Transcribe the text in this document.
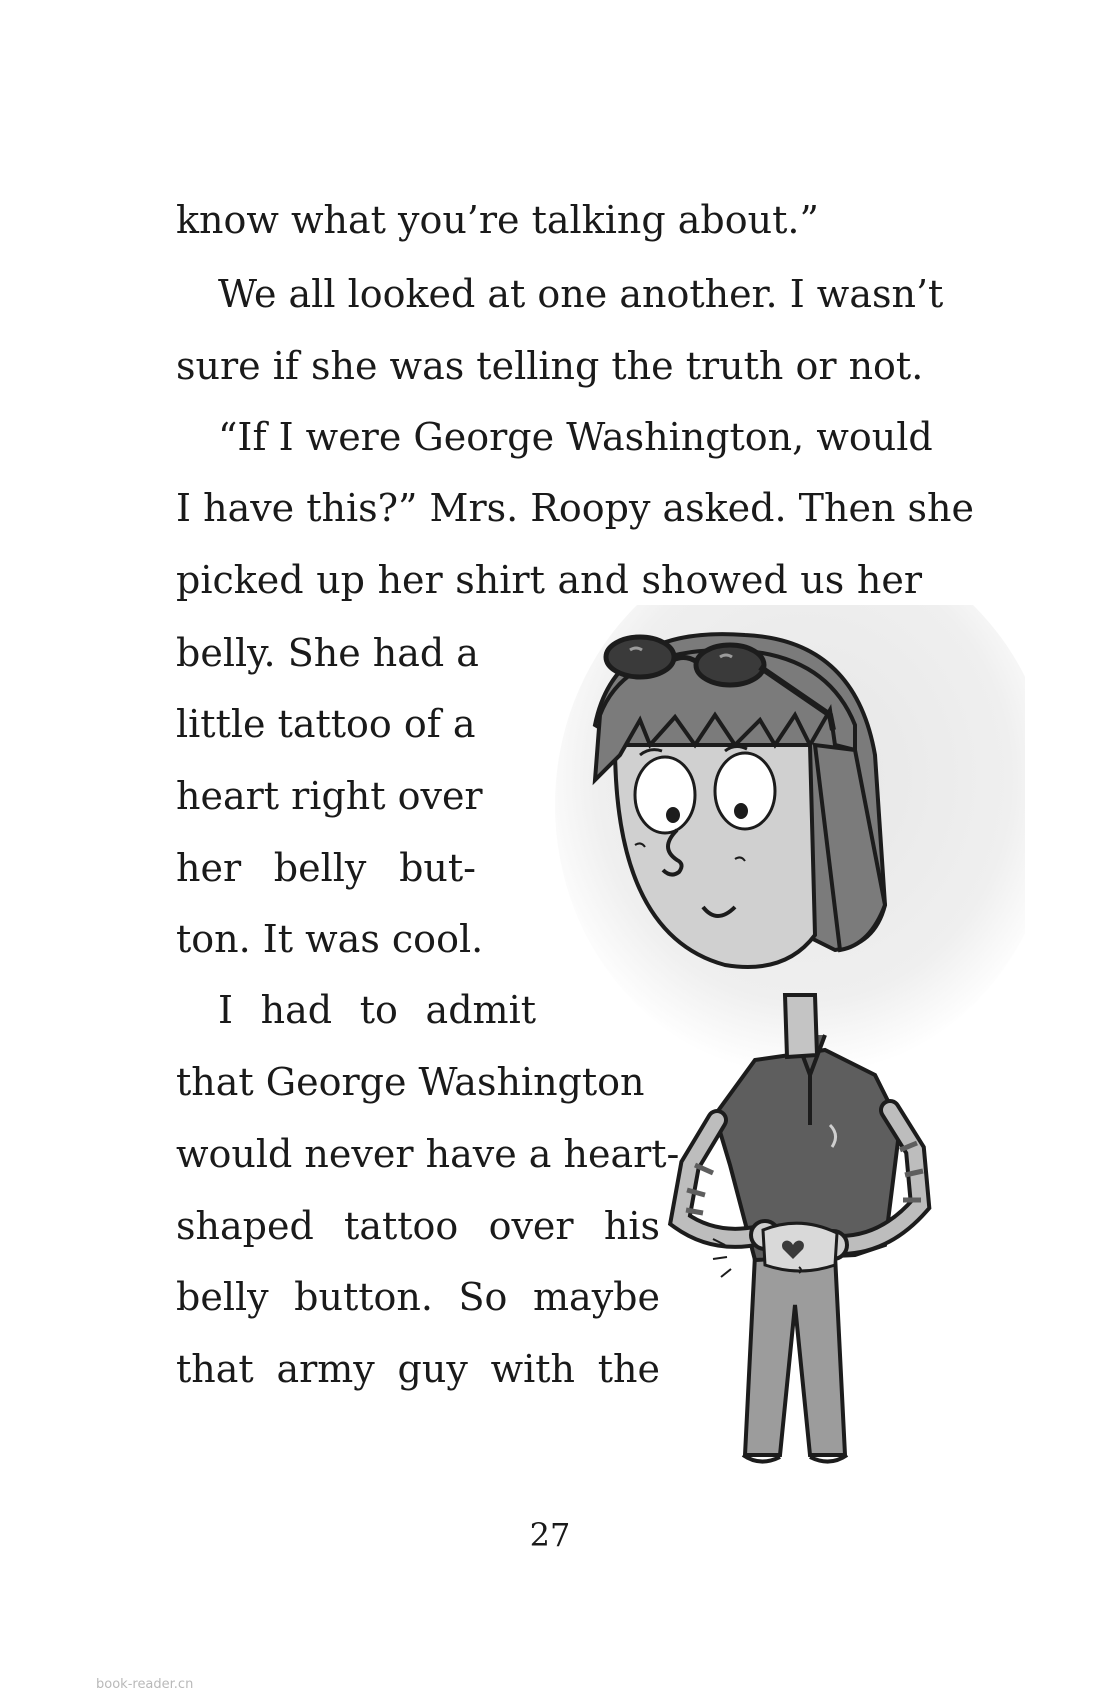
know what you’re talking about.”

We all looked at one another. I wasn’t

sure if she was telling the truth or not.

“If I were George Washington, would

I have this?” Mrs. Roopy asked. Then she

picked up her shirt and showed us her

belly. She had a

little tattoo of a

heart right over

her belly but-

ton. It was cool.

I had to admit

that George Washington

would never have a heart-

shaped tattoo over his

belly button. So maybe

that army guy with the

27

book-reader.cn
